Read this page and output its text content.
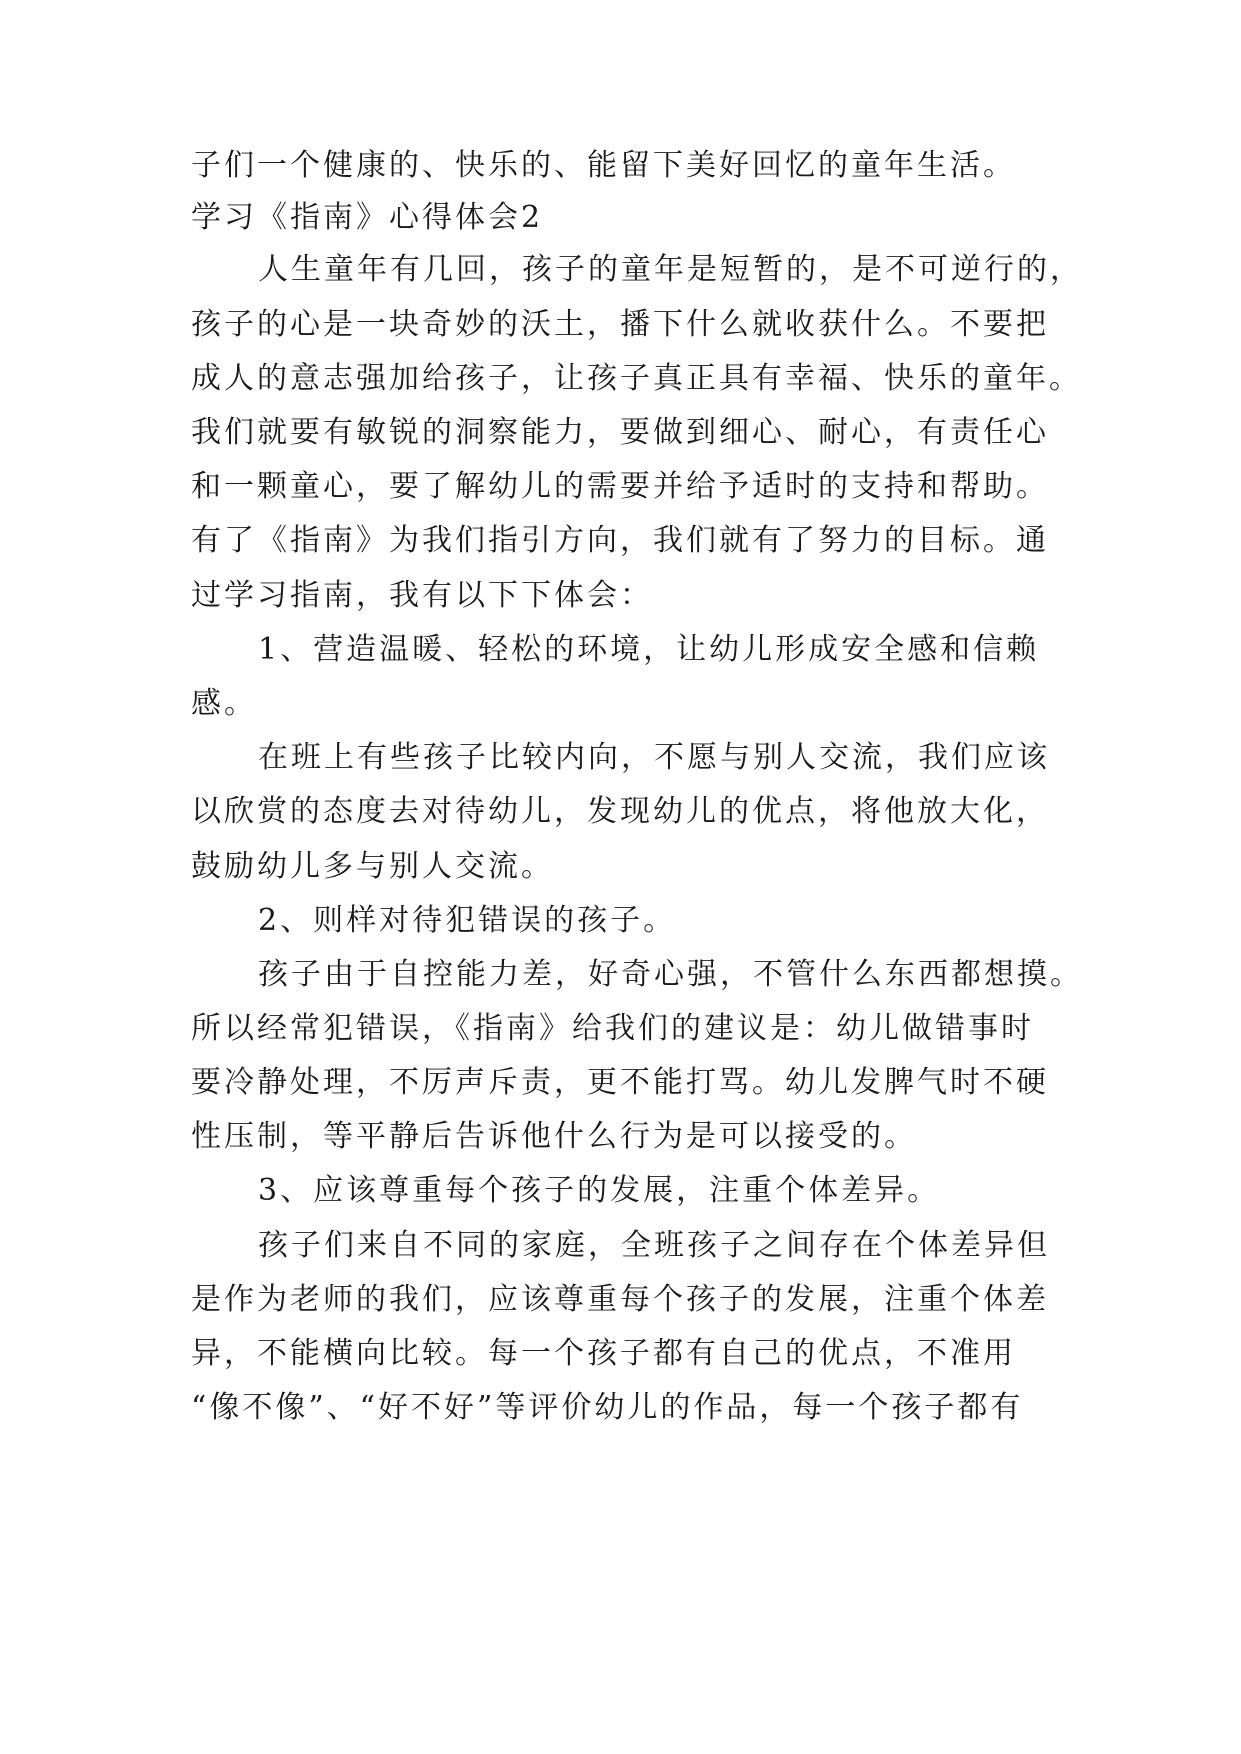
子们一个健康的、快乐的、能留下美好回忆的童年生活。
学习《指南》心得体会2
人生童年有几回，孩子的童年是短暂的，是不可逆行的，
孩子的心是一块奇妙的沃土，播下什么就收获什么。不要把
成人的意志强加给孩子，让孩子真正具有幸福、快乐的童年。
我们就要有敏锐的洞察能力，要做到细心、耐心，有责任心
和一颗童心，要了解幼儿的需要并给予适时的支持和帮助。
有了《指南》为我们指引方向，我们就有了努力的目标。通
过学习指南，我有以下下体会：
1、营造温暖、轻松的环境，让幼儿形成安全感和信赖
感。
在班上有些孩子比较内向，不愿与别人交流，我们应该
以欣赏的态度去对待幼儿，发现幼儿的优点，将他放大化，
鼓励幼儿多与别人交流。
2、则样对待犯错误的孩子。
孩子由于自控能力差，好奇心强，不管什么东西都想摸。
所以经常犯错误，《指南》给我们的建议是：幼儿做错事时
要冷静处理，不厉声斥责，更不能打骂。幼儿发脾气时不硬
性压制，等平静后告诉他什么行为是可以接受的。
3、应该尊重每个孩子的发展，注重个体差异。
孩子们来自不同的家庭，全班孩子之间存在个体差异但
是作为老师的我们，应该尊重每个孩子的发展，注重个体差
异，不能横向比较。每一个孩子都有自己的优点，不准用
“像不像”、“好不好”等评价幼儿的作品，每一个孩子都有
